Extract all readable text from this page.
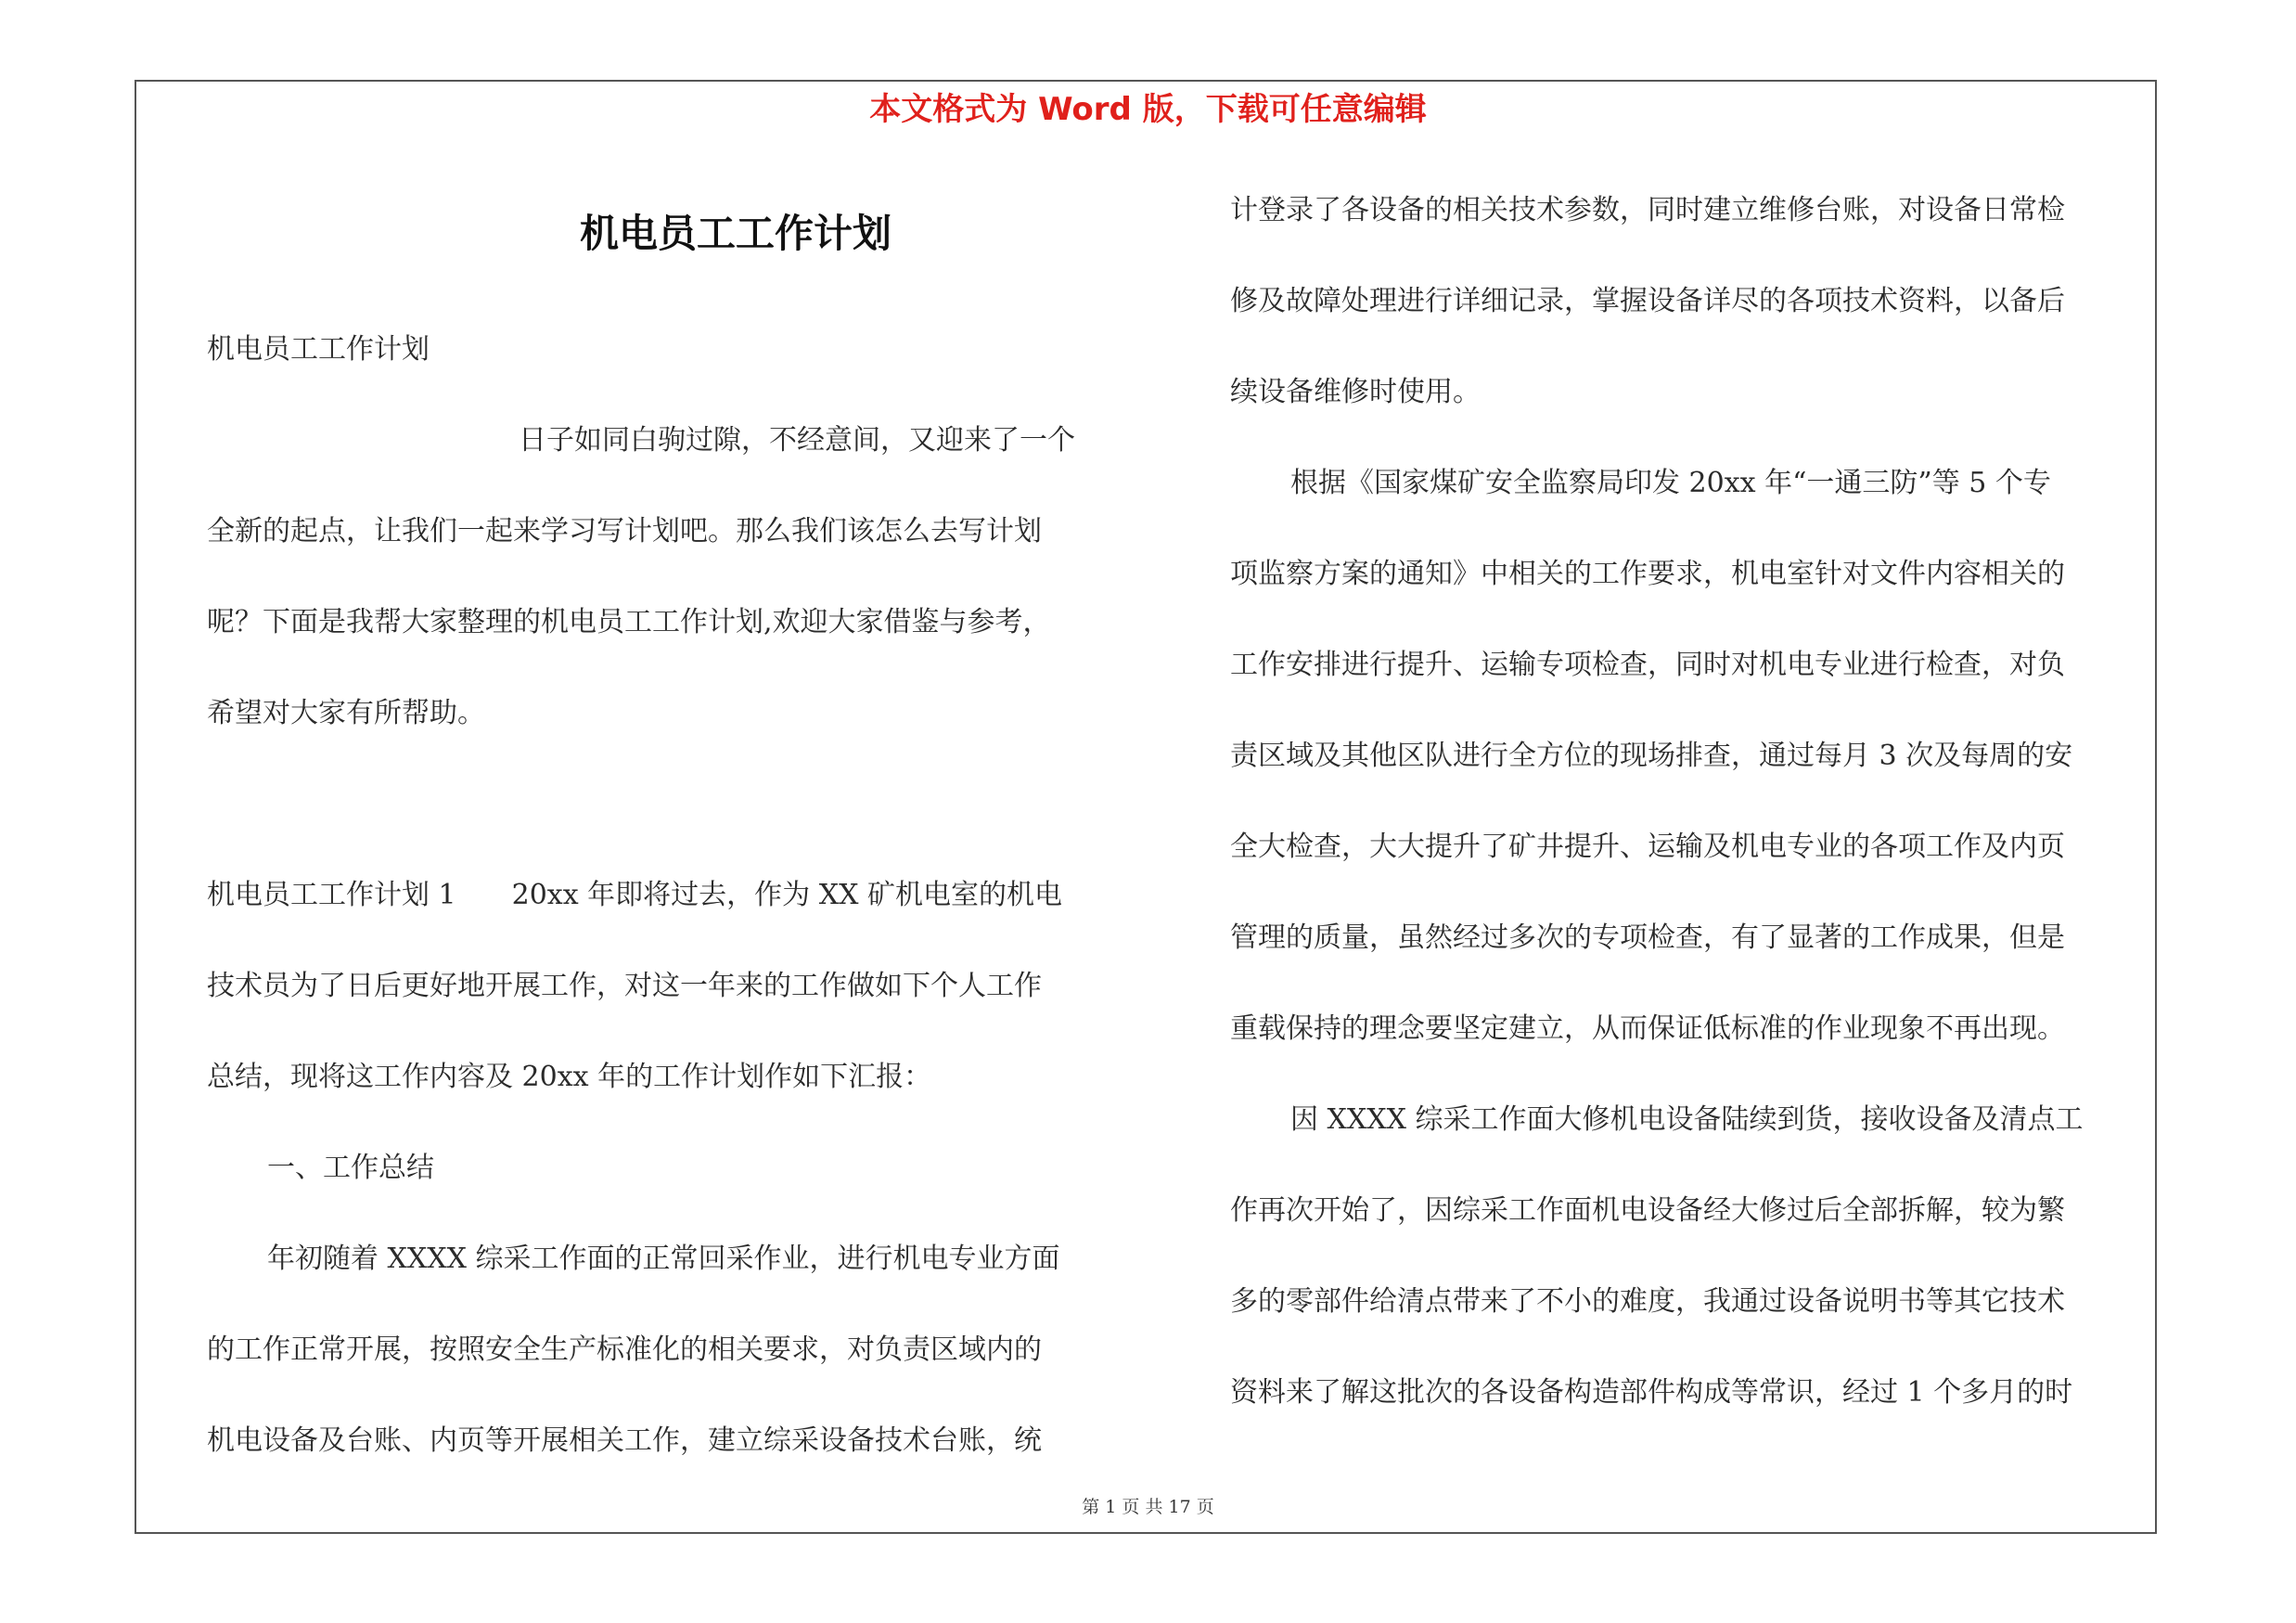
本文格式为 Word 版，下载可任意编辑
机电员工工作计划
机电员工工作计划
日子如同白驹过隙，不经意间，又迎来了一个
全新的起点，让我们一起来学习写计划吧。那么我们该怎么去写计划
呢？下面是我帮大家整理的机电员工工作计划,欢迎大家借鉴与参考，
希望对大家有所帮助。
机电员工工作计划 1　　20xx 年即将过去，作为 XX 矿机电室的机电
技术员为了日后更好地开展工作，对这一年来的工作做如下个人工作
总结，现将这工作内容及 20xx 年的工作计划作如下汇报：
一、工作总结
年初随着 XXXX 综采工作面的正常回采作业，进行机电专业方面
的工作正常开展，按照安全生产标准化的相关要求，对负责区域内的
机电设备及台账、内页等开展相关工作，建立综采设备技术台账，统
计登录了各设备的相关技术参数，同时建立维修台账，对设备日常检
修及故障处理进行详细记录，掌握设备详尽的各项技术资料，以备后
续设备维修时使用。
根据《国家煤矿安全监察局印发 20xx 年“一通三防”等 5 个专
项监察方案的通知》中相关的工作要求，机电室针对文件内容相关的
工作安排进行提升、运输专项检查，同时对机电专业进行检查，对负
责区域及其他区队进行全方位的现场排查，通过每月 3 次及每周的安
全大检查，大大提升了矿井提升、运输及机电专业的各项工作及内页
管理的质量，虽然经过多次的专项检查，有了显著的工作成果，但是
重载保持的理念要坚定建立，从而保证低标准的作业现象不再出现。
因 XXXX 综采工作面大修机电设备陆续到货，接收设备及清点工
作再次开始了，因综采工作面机电设备经大修过后全部拆解，较为繁
多的零部件给清点带来了不小的难度，我通过设备说明书等其它技术
资料来了解这批次的各设备构造部件构成等常识，经过 1 个多月的时
第 1 页 共 17 页
